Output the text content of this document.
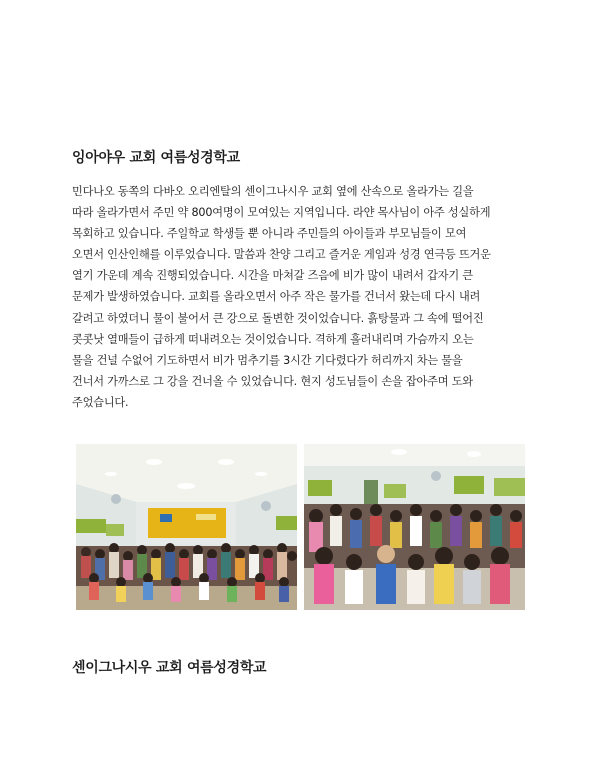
잉아야우 교회 여름성경학교
민다나오 동쪽의 다바오 오리엔탈의 센이그나시우 교회 옆에 산속으로 올라가는 길을
따라 올라가면서 주민 약 800여명이 모여있는 지역입니다. 라얀 목사님이 아주 성실하게
목회하고 있습니다. 주일학교 학생들 뿐 아니라 주민들의 아이들과 부모님들이 모여
오면서 인산인해를 이루었습니다. 말씀과 찬양 그리고 즐거운 게임과 성경 연극등 뜨거운
열기 가운데 계속 진행되었습니다. 시간을 마쳐갈 즈음에 비가 많이 내려서 갑자기 큰
문제가 발생하였습니다. 교회를 올라오면서 아주 작은 물가를 건너서 왔는데 다시 내려
갈려고 하였더니 물이 불어서 큰 강으로 돌변한 것이었습니다. 흙탕물과 그 속에 떨어진
콧콧낫 열매들이 급하게 떠내려오는 것이었습니다. 격하게 흘러내리며 가슴까지 오는
물을 건널 수없어 기도하면서 비가 멈추기를 3시간 기다렸다가 허리까지 차는 물을
건너서 가까스로 그 강을 건너올 수 있었습니다. 현지 성도님들이 손을 잡아주며 도와
주었습니다.
센이그나시우 교회 여름성경학교
